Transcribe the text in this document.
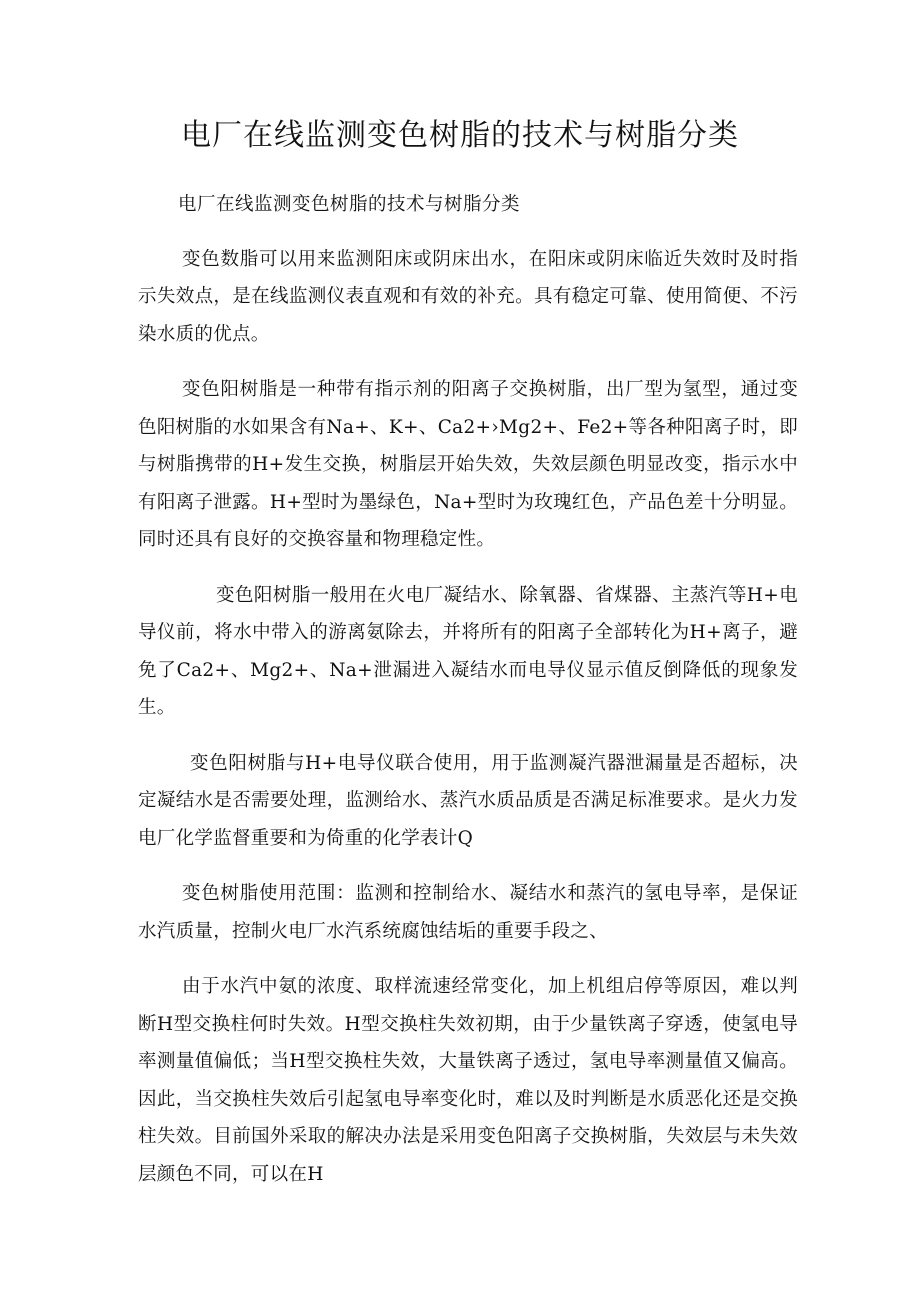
电厂在线监测变色树脂的技术与树脂分类

电厂在线监测变色树脂的技术与树脂分类

变色数脂可以用来监测阳床或阴床出水，在阳床或阴床临近失效时及时指示失效点，是在线监测仪表直观和有效的补充。具有稳定可靠、使用简便、不污染水质的优点。

变色阳树脂是一种带有指示剂的阳离子交换树脂，出厂型为氢型，通过变色阳树脂的水如果含有Na+、K+、Ca2+›Mg2+、Fe2+等各种阳离子时，即与树脂携带的H+发生交换，树脂层开始失效，失效层颜色明显改变，指示水中有阳离子泄露。H+型时为墨绿色，Na+型时为玫瑰红色，产品色差十分明显。同时还具有良好的交换容量和物理稳定性。

变色阳树脂一般用在火电厂凝结水、除氧器、省煤器、主蒸汽等H+电导仪前，将水中带入的游离氨除去，并将所有的阳离子全部转化为H+离子，避免了Ca2+、Mg2+、Na+泄漏进入凝结水而电导仪显示值反倒降低的现象发生。

变色阳树脂与H+电导仪联合使用，用于监测凝汽器泄漏量是否超标，决定凝结水是否需要处理，监测给水、蒸汽水质品质是否满足标准要求。是火力发电厂化学监督重要和为倚重的化学表计Q

变色树脂使用范围：监测和控制给水、凝结水和蒸汽的氢电导率，是保证水汽质量，控制火电厂水汽系统腐蚀结垢的重要手段之、

由于水汽中氨的浓度、取样流速经常变化，加上机组启停等原因，难以判断H型交换柱何时失效。H型交换柱失效初期，由于少量铁离子穿透，使氢电导率测量值偏低；当H型交换柱失效，大量铁离子透过，氢电导率测量值又偏高。因此，当交换柱失效后引起氢电导率变化时，难以及时判断是水质恶化还是交换柱失效。目前国外采取的解决办法是采用变色阳离子交换树脂，失效层与未失效层颜色不同，可以在H
